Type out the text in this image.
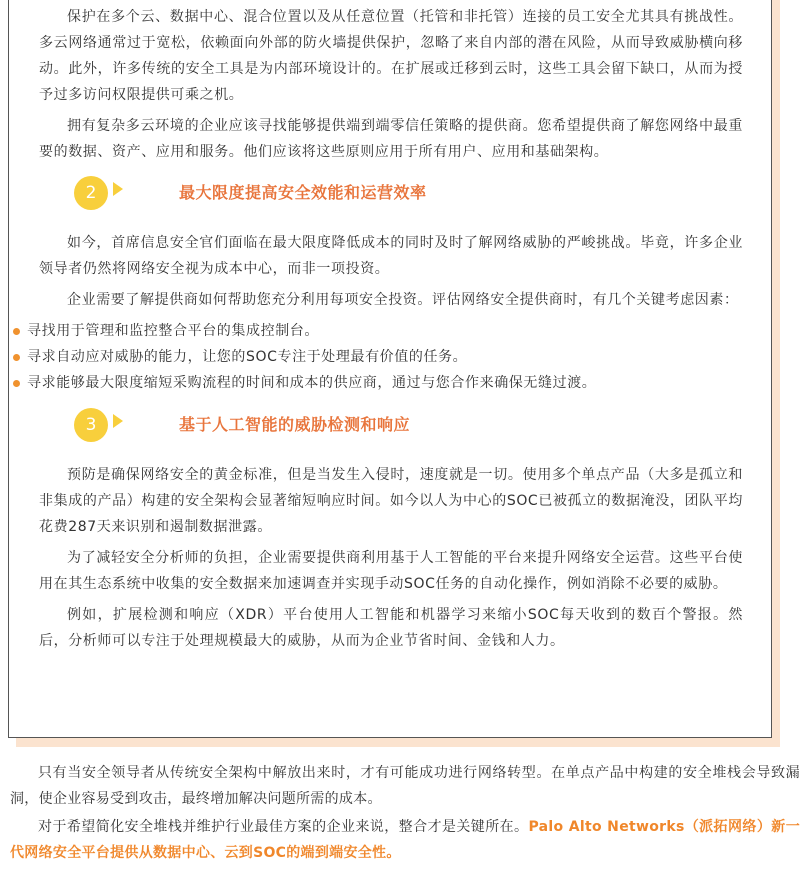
保护在多个云、数据中心、混合位置以及从任意位置（托管和非托管）连接的员工安全尤其具有挑战性。多云网络通常过于宽松，依赖面向外部的防火墙提供保护，忽略了来自内部的潜在风险，从而导致威胁横向移动。此外，许多传统的安全工具是为内部环境设计的。在扩展或迁移到云时，这些工具会留下缺口，从而为授予过多访问权限提供可乘之机。

拥有复杂多云环境的企业应该寻找能够提供端到端零信任策略的提供商。您希望提供商了解您网络中最重要的数据、资产、应用和服务。他们应该将这些原则应用于所有用户、应用和基础架构。

2	最大限度提高安全效能和运营效率

如今，首席信息安全官们面临在最大限度降低成本的同时及时了解网络威胁的严峻挑战。毕竟，许多企业领导者仍然将网络安全视为成本中心，而非一项投资。

企业需要了解提供商如何帮助您充分利用每项安全投资。评估网络安全提供商时，有几个关键考虑因素：

寻找用于管理和监控整合平台的集成控制台。
寻求自动应对威胁的能力，让您的SOC专注于处理最有价值的任务。
寻求能够最大限度缩短采购流程的时间和成本的供应商，通过与您合作来确保无缝过渡。
3	基于人工智能的威胁检测和响应

预防是确保网络安全的黄金标准，但是当发生入侵时，速度就是一切。使用多个单点产品（大多是孤立和非集成的产品）构建的安全架构会显著缩短响应时间。如今以人为中心的SOC已被孤立的数据淹没，团队平均花费287天来识别和遏制数据泄露。

为了减轻安全分析师的负担，企业需要提供商利用基于人工智能的平台来提升网络安全运营。这些平台使用在其生态系统中收集的安全数据来加速调查并实现手动SOC任务的自动化操作，例如消除不必要的威胁。

例如，扩展检测和响应（XDR）平台使用人工智能和机器学习来缩小SOC每天收到的数百个警报。然后，分析师可以专注于处理规模最大的威胁，从而为企业节省时间、金钱和人力。

只有当安全领导者从传统安全架构中解放出来时，才有可能成功进行网络转型。在单点产品中构建的安全堆栈会导致漏洞，使企业容易受到攻击，最终增加解决问题所需的成本。

对于希望简化安全堆栈并维护行业最佳方案的企业来说，整合才是关键所在。Palo Alto Networks（派拓网络）新一代网络安全平台提供从数据中心、云到SOC的端到端安全性。
